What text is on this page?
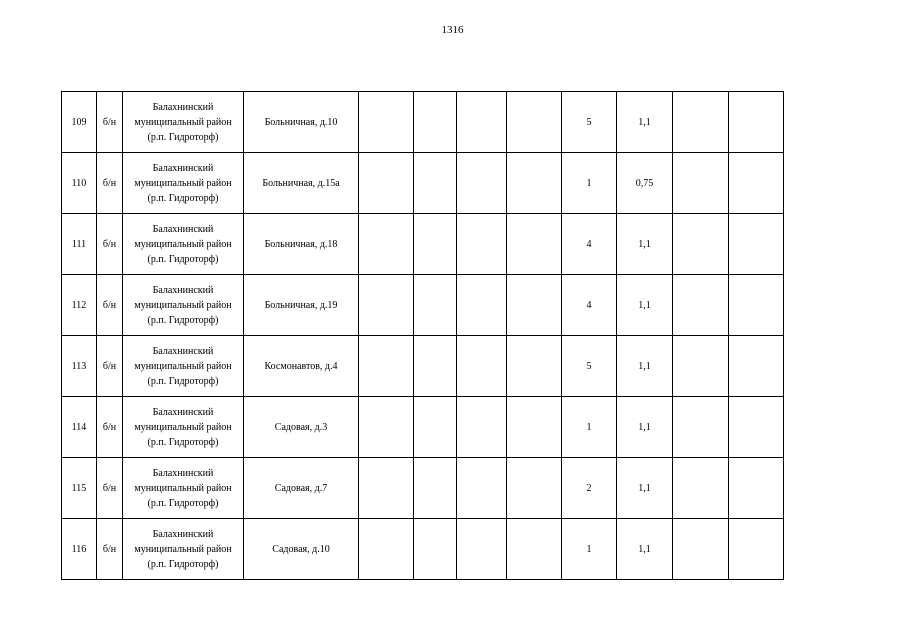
1316
109	б/н	Балахнинский
муниципальный район
(р.п. Гидроторф)	Больничная, д.10					5	1,1		
110	б/н	Балахнинский
муниципальный район
(р.п. Гидроторф)	Больничная, д.15а					1	0,75		
111	б/н	Балахнинский
муниципальный район
(р.п. Гидроторф)	Больничная, д.18					4	1,1		
112	б/н	Балахнинский
муниципальный район
(р.п. Гидроторф)	Больничная, д.19					4	1,1		
113	б/н	Балахнинский
муниципальный район
(р.п. Гидроторф)	Космонавтов, д.4					5	1,1		
114	б/н	Балахнинский
муниципальный район
(р.п. Гидроторф)	Садовая, д.3					1	1,1		
115	б/н	Балахнинский
муниципальный район
(р.п. Гидроторф)	Садовая, д.7					2	1,1		
116	б/н	Балахнинский
муниципальный район
(р.п. Гидроторф)	Садовая, д.10					1	1,1		
